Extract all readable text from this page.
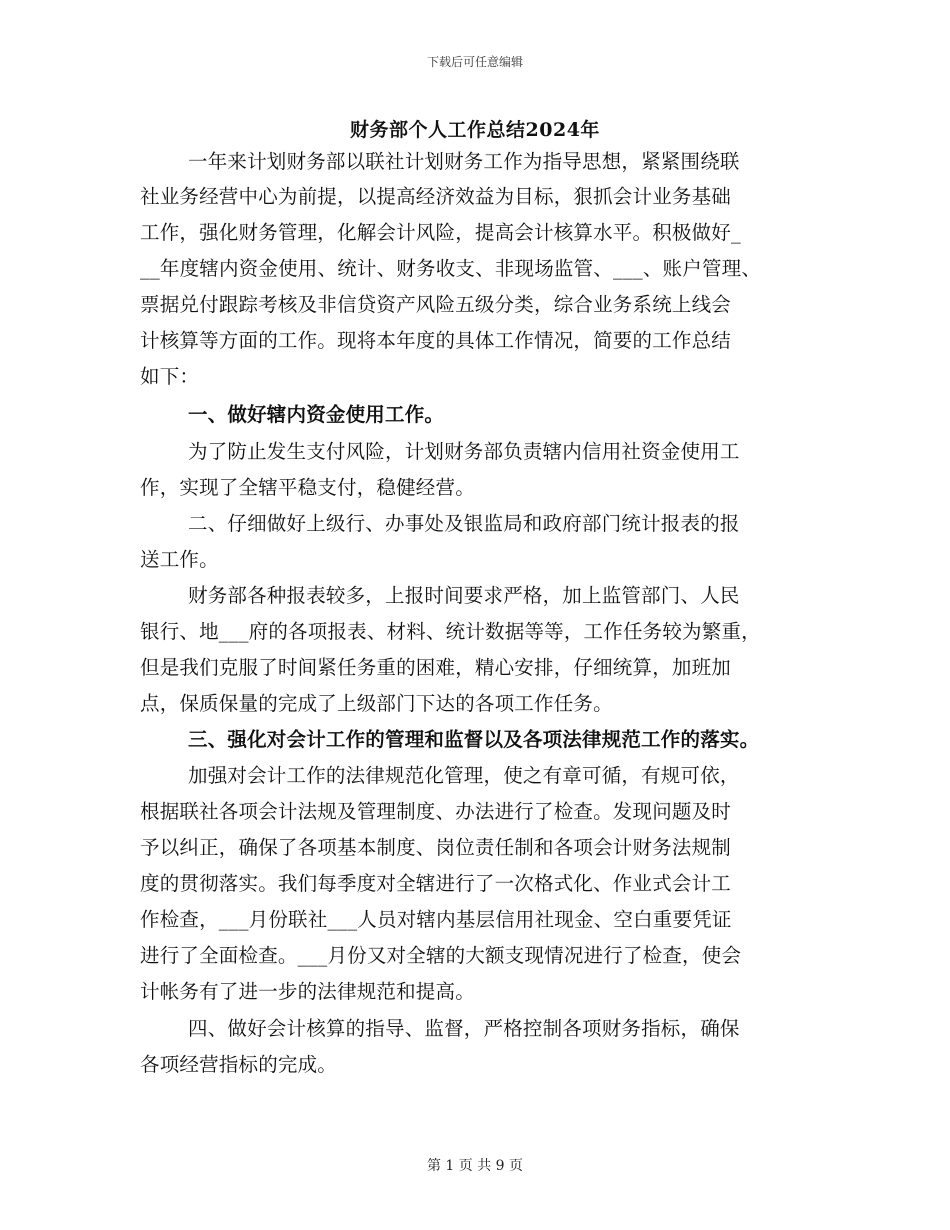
下载后可任意编辑
财务部个人工作总结2024年
一年来计划财务部以联社计划财务工作为指导思想，紧紧围绕联
社业务经营中心为前提，以提高经济效益为目标，狠抓会计业务基础
工作，强化财务管理，化解会计风险，提高会计核算水平。积极做好_
__年度辖内资金使用、统计、财务收支、非现场监管、___、账户管理、
票据兑付跟踪考核及非信贷资产风险五级分类，综合业务系统上线会
计核算等方面的工作。现将本年度的具体工作情况，简要的工作总结
如下：
一、做好辖内资金使用工作。
为了防止发生支付风险，计划财务部负责辖内信用社资金使用工
作，实现了全辖平稳支付，稳健经营。
二、仔细做好上级行、办事处及银监局和政府部门统计报表的报
送工作。
财务部各种报表较多，上报时间要求严格，加上监管部门、人民
银行、地___府的各项报表、材料、统计数据等等，工作任务较为繁重，
但是我们克服了时间紧任务重的困难，精心安排，仔细统算，加班加
点，保质保量的完成了上级部门下达的各项工作任务。
三、强化对会计工作的管理和监督以及各项法律规范工作的落实。
加强对会计工作的法律规范化管理，使之有章可循，有规可依，
根据联社各项会计法规及管理制度、办法进行了检查。发现问题及时
予以纠正，确保了各项基本制度、岗位责任制和各项会计财务法规制
度的贯彻落实。我们每季度对全辖进行了一次格式化、作业式会计工
作检查，___月份联社___人员对辖内基层信用社现金、空白重要凭证
进行了全面检查。___月份又对全辖的大额支现情况进行了检查，使会
计帐务有了进一步的法律规范和提高。
四、做好会计核算的指导、监督，严格控制各项财务指标，确保
各项经营指标的完成。
第 1 页 共 9 页
